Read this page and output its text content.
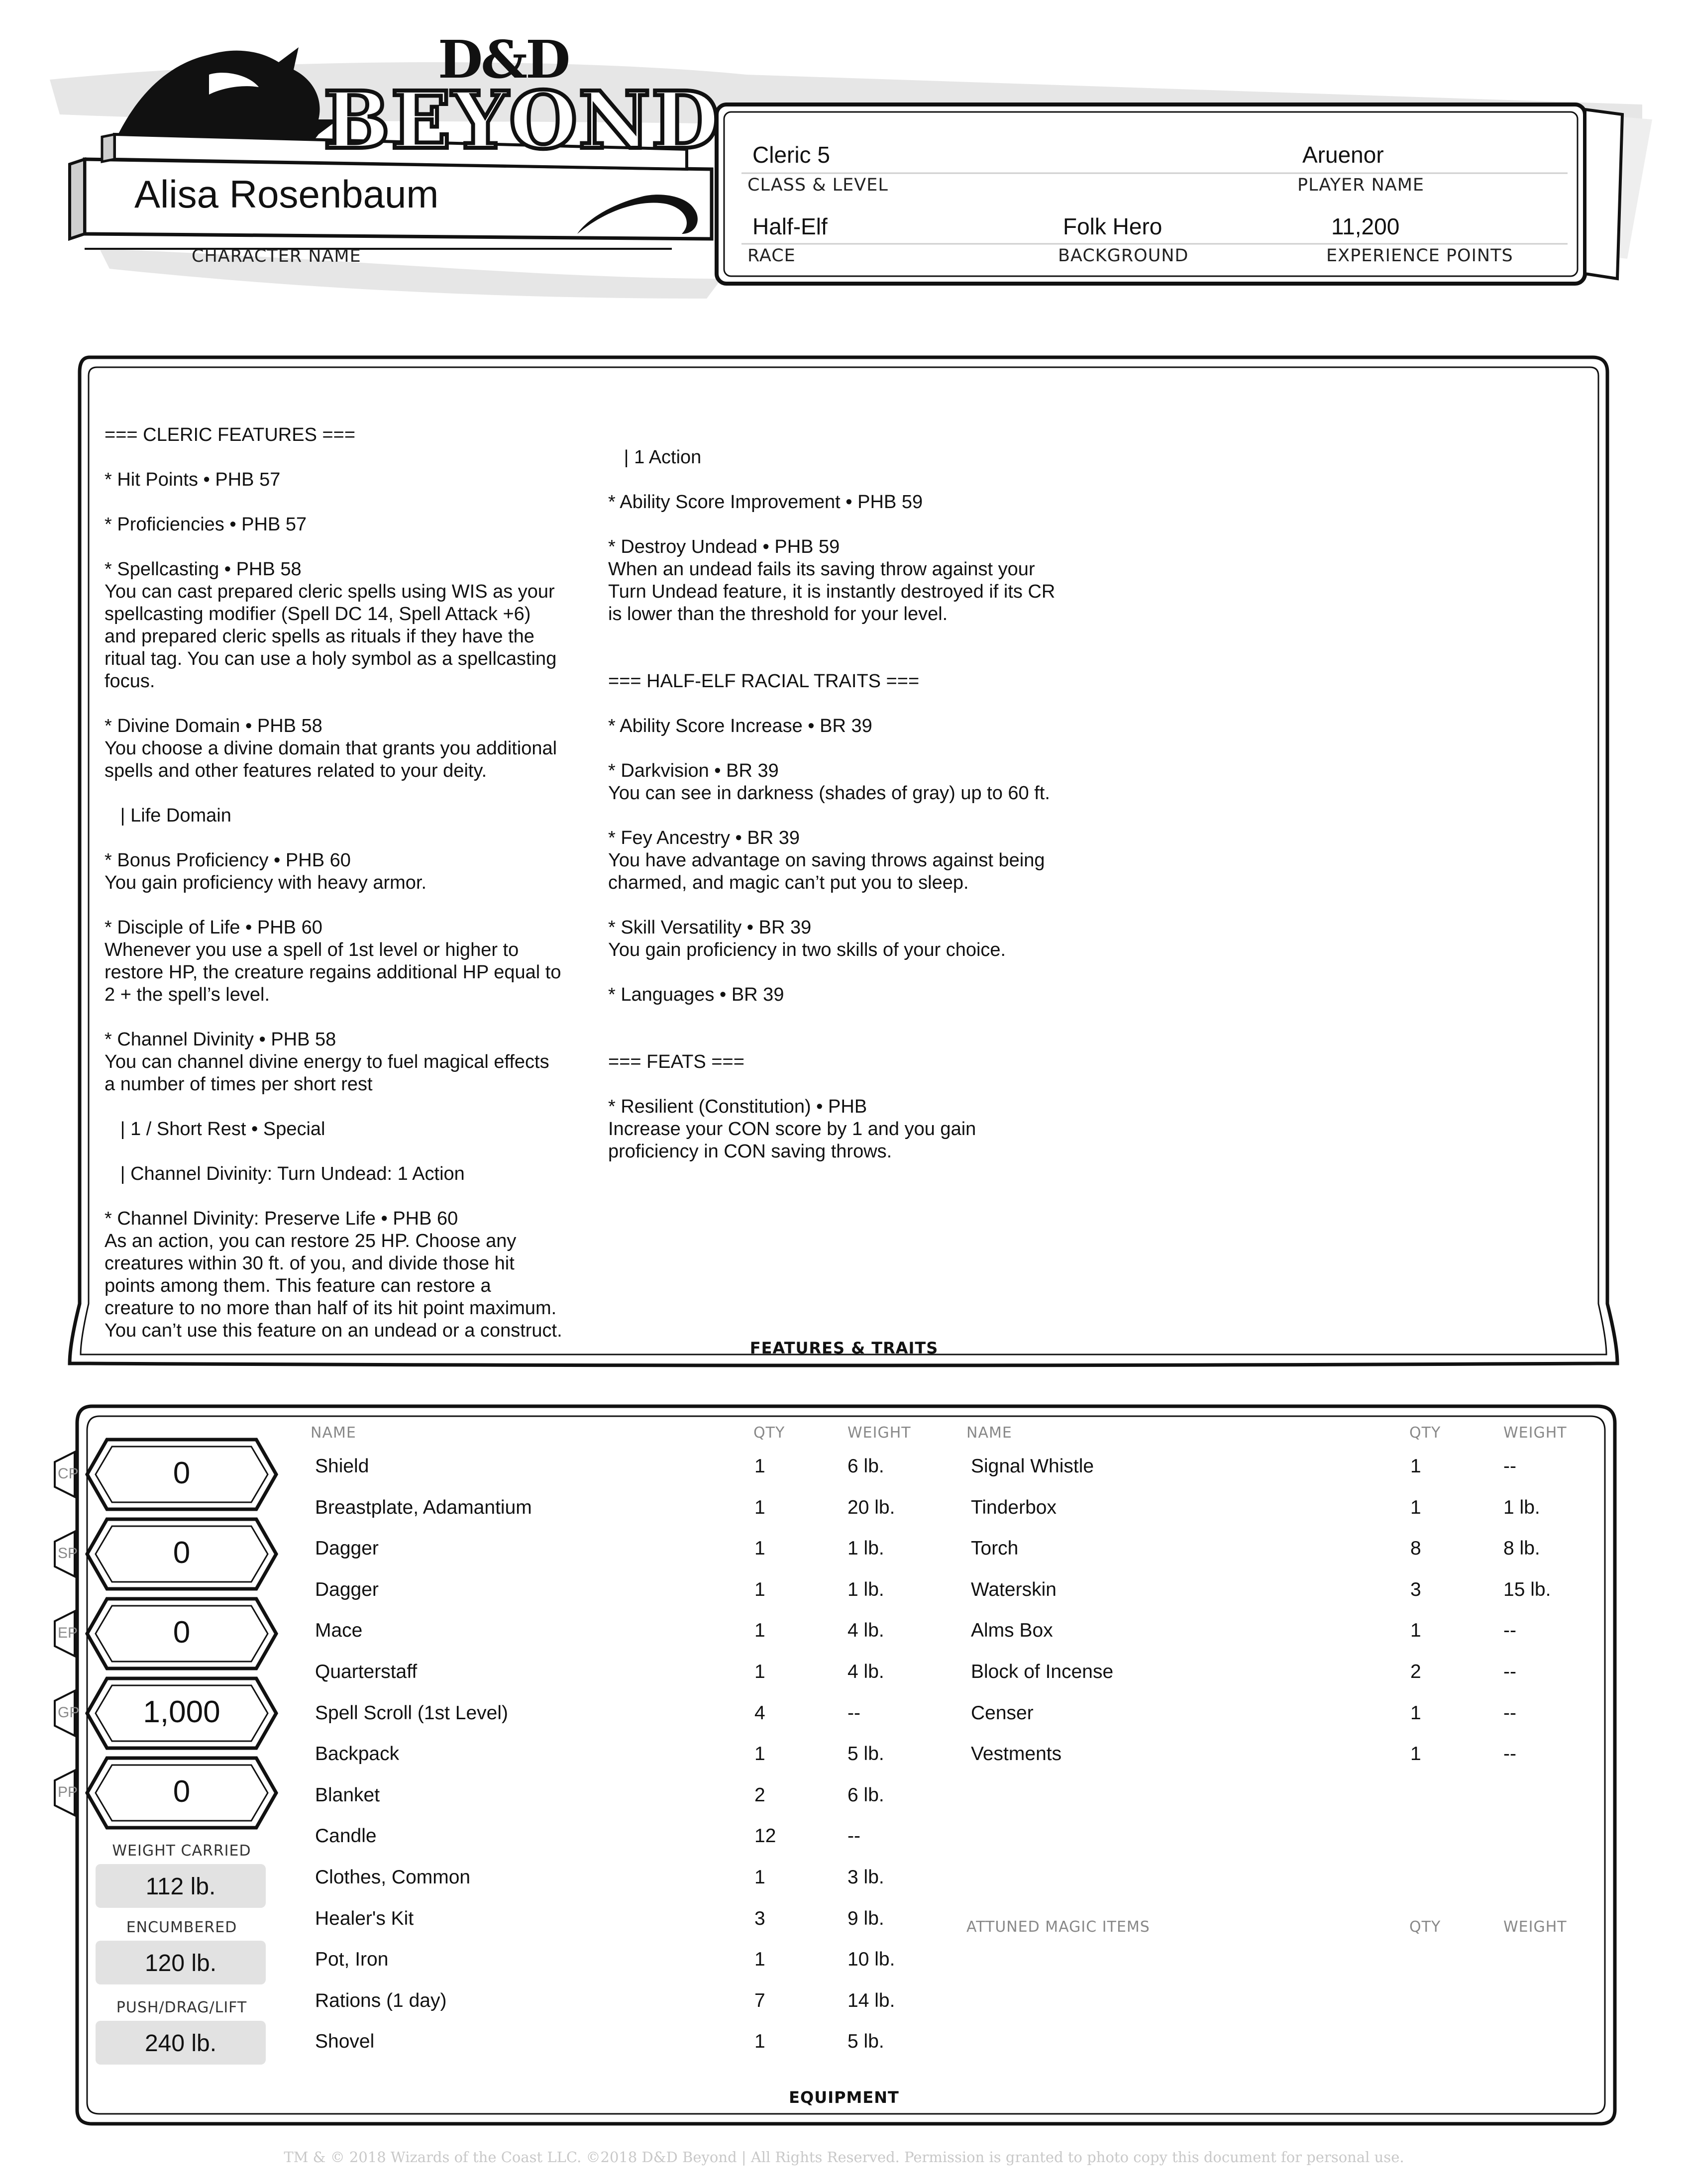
D&D
BEYOND
Alisa Rosenbaum
CHARACTER NAME
Cleric 5
CLASS & LEVEL
Aruenor
PLAYER NAME
Half-Elf
RACE
Folk Hero
BACKGROUND
11,200
EXPERIENCE POINTS

=== CLERIC FEATURES ===
* Hit Points • PHB 57
* Proficiencies • PHB 57
* Spellcasting • PHB 58
You can cast prepared cleric spells using WIS as your
spellcasting modifier (Spell DC 14, Spell Attack +6)
and prepared cleric spells as rituals if they have the
ritual tag. You can use a holy symbol as a spellcasting
focus.
* Divine Domain • PHB 58
You choose a divine domain that grants you additional
spells and other features related to your deity.
| Life Domain
* Bonus Proficiency • PHB 60
You gain proficiency with heavy armor.
* Disciple of Life • PHB 60
Whenever you use a spell of 1st level or higher to
restore HP, the creature regains additional HP equal to
2 + the spell’s level.
* Channel Divinity • PHB 58
You can channel divine energy to fuel magical effects
a number of times per short rest
| 1 / Short Rest • Special
| Channel Divinity: Turn Undead: 1 Action
* Channel Divinity: Preserve Life • PHB 60
As an action, you can restore 25 HP. Choose any
creatures within 30 ft. of you, and divide those hit
points among them. This feature can restore a
creature to no more than half of its hit point maximum.
You can’t use this feature on an undead or a construct.

| 1 Action
* Ability Score Improvement • PHB 59
* Destroy Undead • PHB 59
When an undead fails its saving throw against your
Turn Undead feature, it is instantly destroyed if its CR
is lower than the threshold for your level.
=== HALF-ELF RACIAL TRAITS ===
* Ability Score Increase • BR 39
* Darkvision • BR 39
You can see in darkness (shades of gray) up to 60 ft.
* Fey Ancestry • BR 39
You have advantage on saving throws against being
charmed, and magic can’t put you to sleep.
* Skill Versatility • BR 39
You gain proficiency in two skills of your choice.
* Languages • BR 39
=== FEATS ===
* Resilient (Constitution) • PHB
Increase your CON score by 1 and you gain
proficiency in CON saving throws.

FEATURES & TRAITS
0
CP
0
SP
0
EP
1,000
GP
0
PP
WEIGHT CARRIED
112 lb.
ENCUMBERED
120 lb.
PUSH/DRAG/LIFT
240 lb.
NAME	QTY	WEIGHT	NAME	QTY	WEIGHT
Shield	1	6 lb.
Breastplate, Adamantium	1	20 lb.
Dagger	1	1 lb.
Dagger	1	1 lb.
Mace	1	4 lb.
Quarterstaff	1	4 lb.
Spell Scroll (1st Level)	4	--
Backpack	1	5 lb.
Blanket	2	6 lb.
Candle	12	--
Clothes, Common	1	3 lb.
Healer's Kit	3	9 lb.
Pot, Iron	1	10 lb.
Rations (1 day)	7	14 lb.
Shovel	1	5 lb.
Signal Whistle	1	--
Tinderbox	1	1 lb.
Torch	8	8 lb.
Waterskin	3	15 lb.
Alms Box	1	--
Block of Incense	2	--
Censer	1	--
Vestments	1	--
ATTUNED MAGIC ITEMS	QTY	WEIGHT
EQUIPMENT
TM & © 2018 Wizards of the Coast LLC. ©2018 D&D Beyond | All Rights Reserved. Permission is granted to photo copy this document for personal use.
